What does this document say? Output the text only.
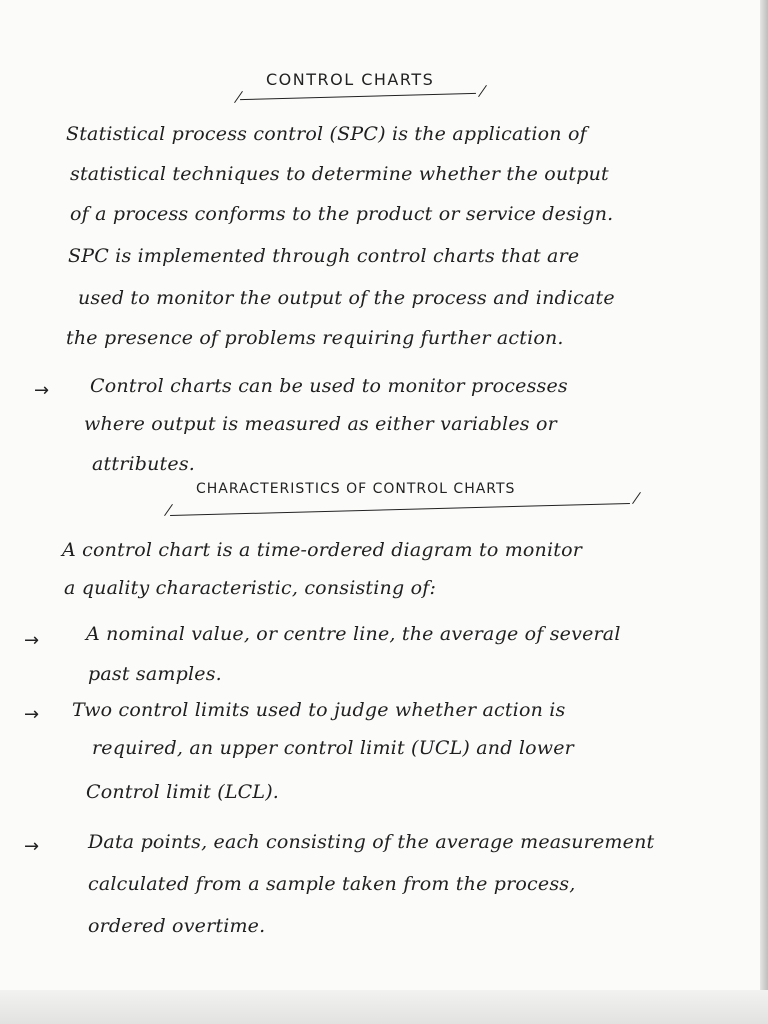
CONTROL CHARTS
Statistical process control (SPC) is the application of
statistical techniques to determine whether the output
of a process conforms to the product or service design.
SPC is implemented through control charts that are
used to monitor the output of the process and indicate
the presence of problems requiring further action.
→ Control charts can be used to monitor processes
where output is measured as either variables or
attributes.
CHARACTERISTICS OF CONTROL CHARTS
A control chart is a time-ordered diagram to monitor
a quality characteristic, consisting of:
→ A nominal value, or centre line, the average of several
past samples.
→ Two control limits used to judge whether action is
required, an upper control limit (UCL) and lower
Control limit (LCL).
→	Data points, each consisting of the average measurement
calculated from a sample taken from the process,
ordered overtime.
